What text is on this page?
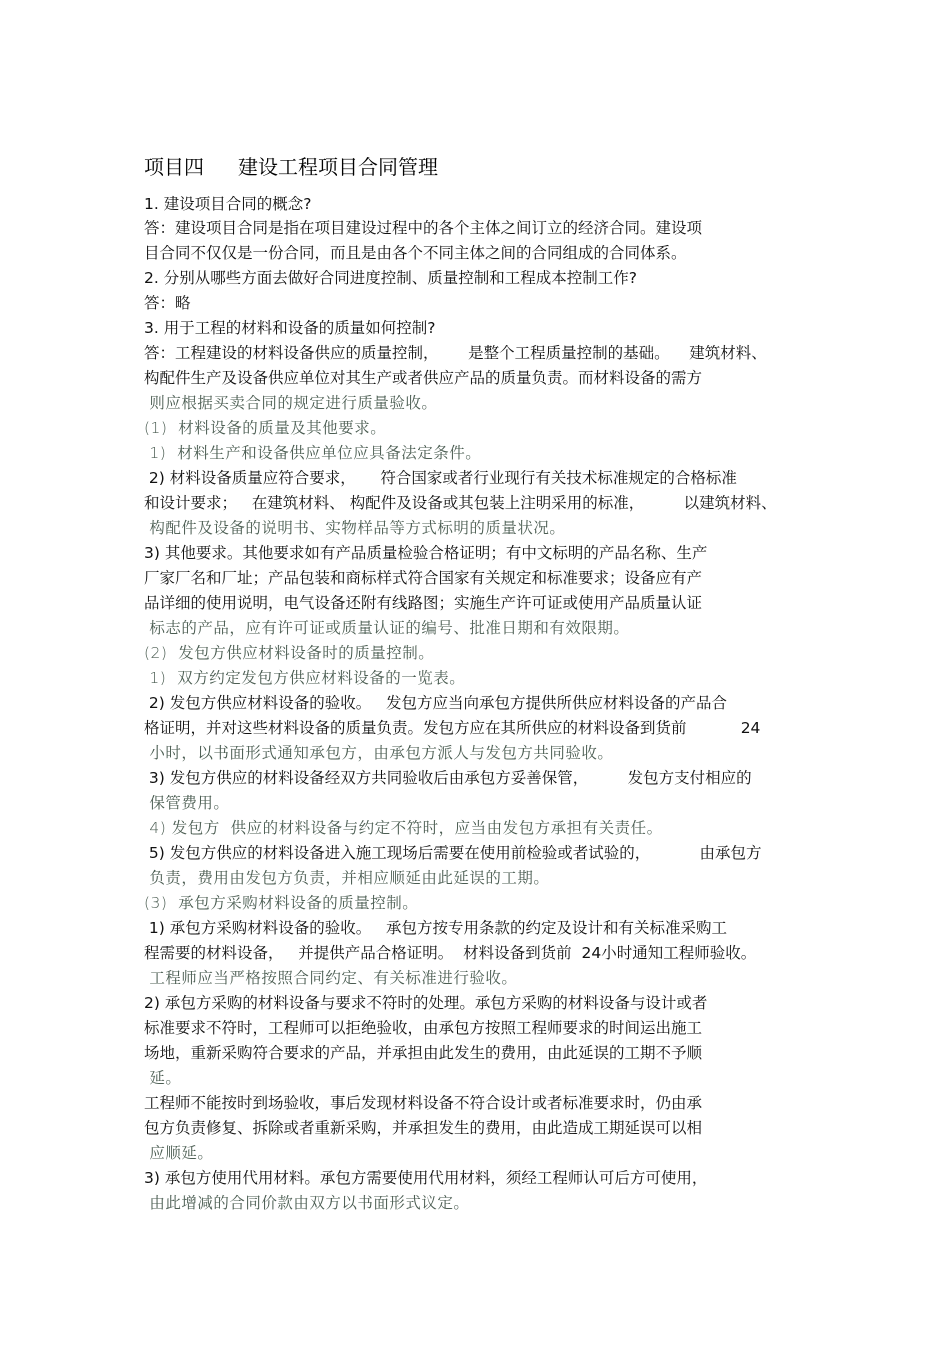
项目四 建设工程项目合同管理
1. 建设项目合同的概念?
答：建设项目合同是指在项目建设过程中的各个主体之间订立的经济合同。建设项
目合同不仅仅是一份合同，而且是由各个不同主体之间的合同组成的合同体系。
2. 分别从哪些方面去做好合同进度控制、质量控制和工程成本控制工作?
答：略
3. 用于工程的材料和设备的质量如何控制?
答：工程建设的材料设备供应的质量控制，      是整个工程质量控制的基础。    建筑材料、
构配件生产及设备供应单位对其生产或者供应产品的质量负责。而材料设备的需方
则应根据买卖合同的规定进行质量验收。
(1)  材料设备的质量及其他要求。
1)  材料生产和设备供应单位应具备法定条件。
2) 材料设备质量应符合要求，     符合国家或者行业现行有关技术标准规定的合格标准
和设计要求；   在建筑材料、 构配件及设备或其包装上注明采用的标准，        以建筑材料、
构配件及设备的说明书、实物样品等方式标明的质量状况。
3) 其他要求。其他要求如有产品质量检验合格证明；有中文标明的产品名称、生产
厂家厂名和厂址；产品包装和商标样式符合国家有关规定和标准要求；设备应有产
品详细的使用说明，电气设备还附有线路图；实施生产许可证或使用产品质量认证
标志的产品，应有许可证或质量认证的编号、批准日期和有效限期。
(2)  发包方供应材料设备时的质量控制。
1)  双方约定发包方供应材料设备的一览表。
2) 发包方供应材料设备的验收。   发包方应当向承包方提供所供应材料设备的产品合
格证明，并对这些材料设备的质量负责。发包方应在其所供应的材料设备到货前           24
小时，以书面形式通知承包方，由承包方派人与发包方共同验收。
3) 发包方供应的材料设备经双方共同验收后由承包方妥善保管，        发包方支付相应的
保管费用。
4) 发包方  供应的材料设备与约定不符时，应当由发包方承担有关责任。
5) 发包方供应的材料设备进入施工现场后需要在使用前检验或者试验的，          由承包方
负责，费用由发包方负责，并相应顺延由此延误的工期。
(3)  承包方采购材料设备的质量控制。
1) 承包方采购材料设备的验收。   承包方按专用条款的约定及设计和有关标准采购工
程需要的材料设备，   并提供产品合格证明。  材料设备到货前  24小时通知工程师验收。
工程师应当严格按照合同约定、有关标准进行验收。
2) 承包方采购的材料设备与要求不符时的处理。承包方采购的材料设备与设计或者
标准要求不符时，工程师可以拒绝验收，由承包方按照工程师要求的时间运出施工
场地，重新采购符合要求的产品，并承担由此发生的费用，由此延误的工期不予顺
延。
工程师不能按时到场验收，事后发现材料设备不符合设计或者标准要求时，仍由承
包方负责修复、拆除或者重新采购，并承担发生的费用，由此造成工期延误可以相
应顺延。
3) 承包方使用代用材料。承包方需要使用代用材料，须经工程师认可后方可使用，
由此增减的合同价款由双方以书面形式议定。
